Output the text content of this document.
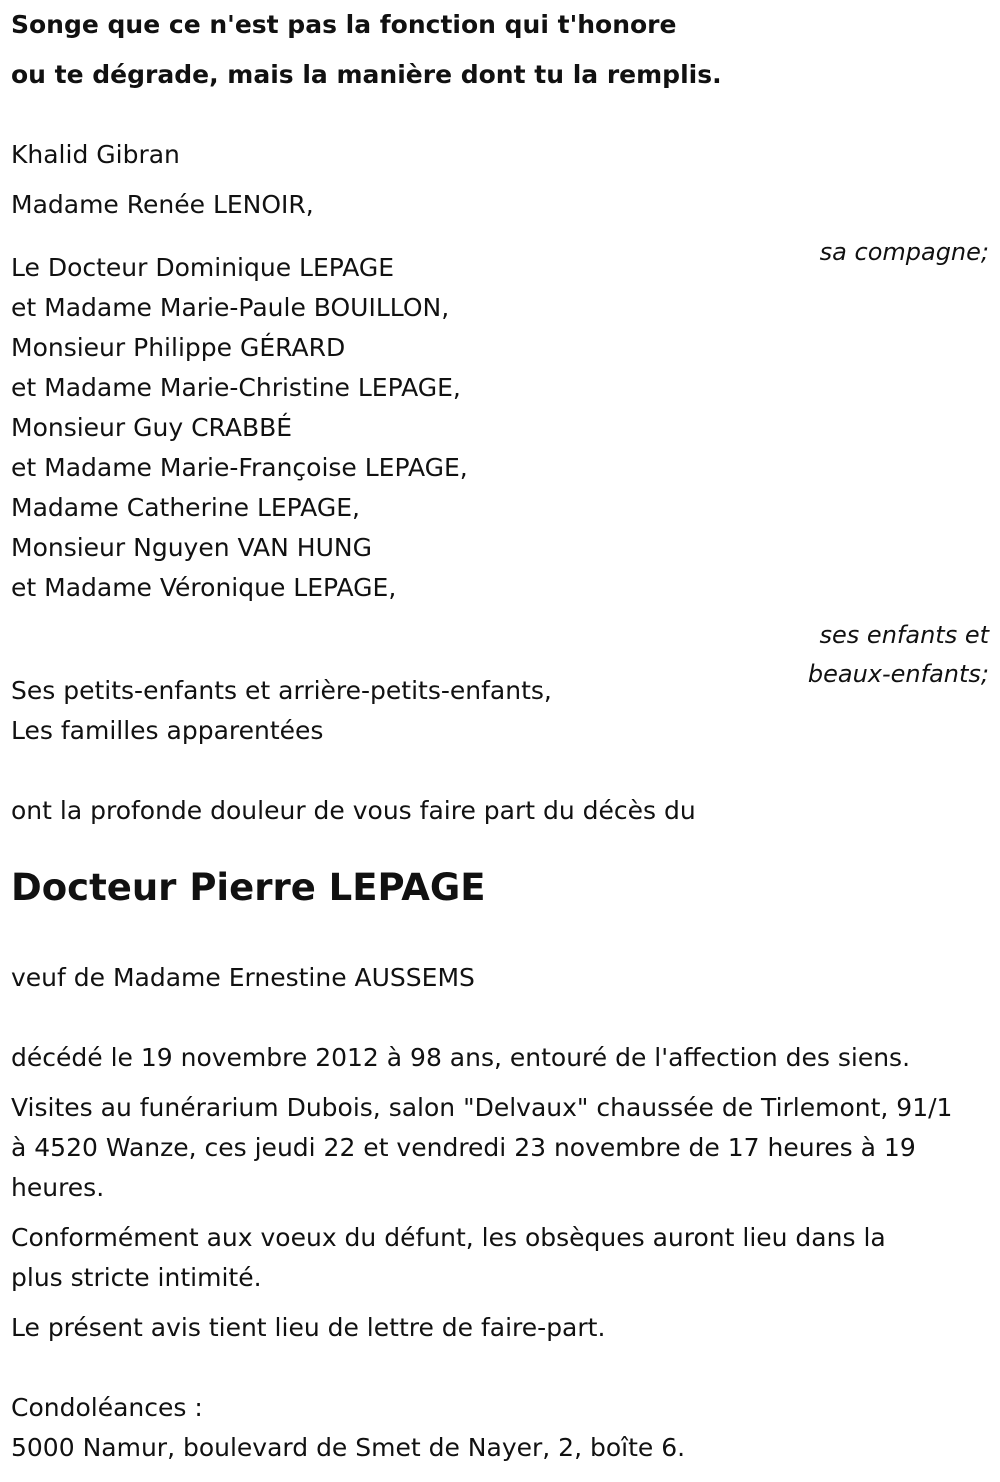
Songe que ce n'est pas la fonction qui t'honore

ou te dégrade, mais la manière dont tu la remplis.

Khalid Gibran

Madame Renée LENOIR,

sa compagne;

Le Docteur Dominique LEPAGE

et Madame Marie-Paule BOUILLON,

Monsieur Philippe GÉRARD

et Madame Marie-Christine LEPAGE,

Monsieur Guy CRABBÉ

et Madame Marie-Françoise LEPAGE,

Madame Catherine LEPAGE,

Monsieur Nguyen VAN HUNG

et Madame Véronique LEPAGE,

ses enfants et

beaux-enfants;

Ses petits-enfants et arrière-petits-enfants,

Les familles apparentées

ont la profonde douleur de vous faire part du décès du

Docteur Pierre LEPAGE

veuf de Madame Ernestine AUSSEMS

décédé le 19 novembre 2012 à 98 ans, entouré de l'affection des siens.

Visites au funérarium Dubois, salon "Delvaux" chaussée de Tirlemont, 91/1

à 4520 Wanze, ces jeudi 22 et vendredi 23 novembre de 17 heures à 19

heures.

Conformément aux voeux du défunt, les obsèques auront lieu dans la

plus stricte intimité.

Le présent avis tient lieu de lettre de faire-part.

Condoléances :

5000 Namur, boulevard de Smet de Nayer, 2, boîte 6.
